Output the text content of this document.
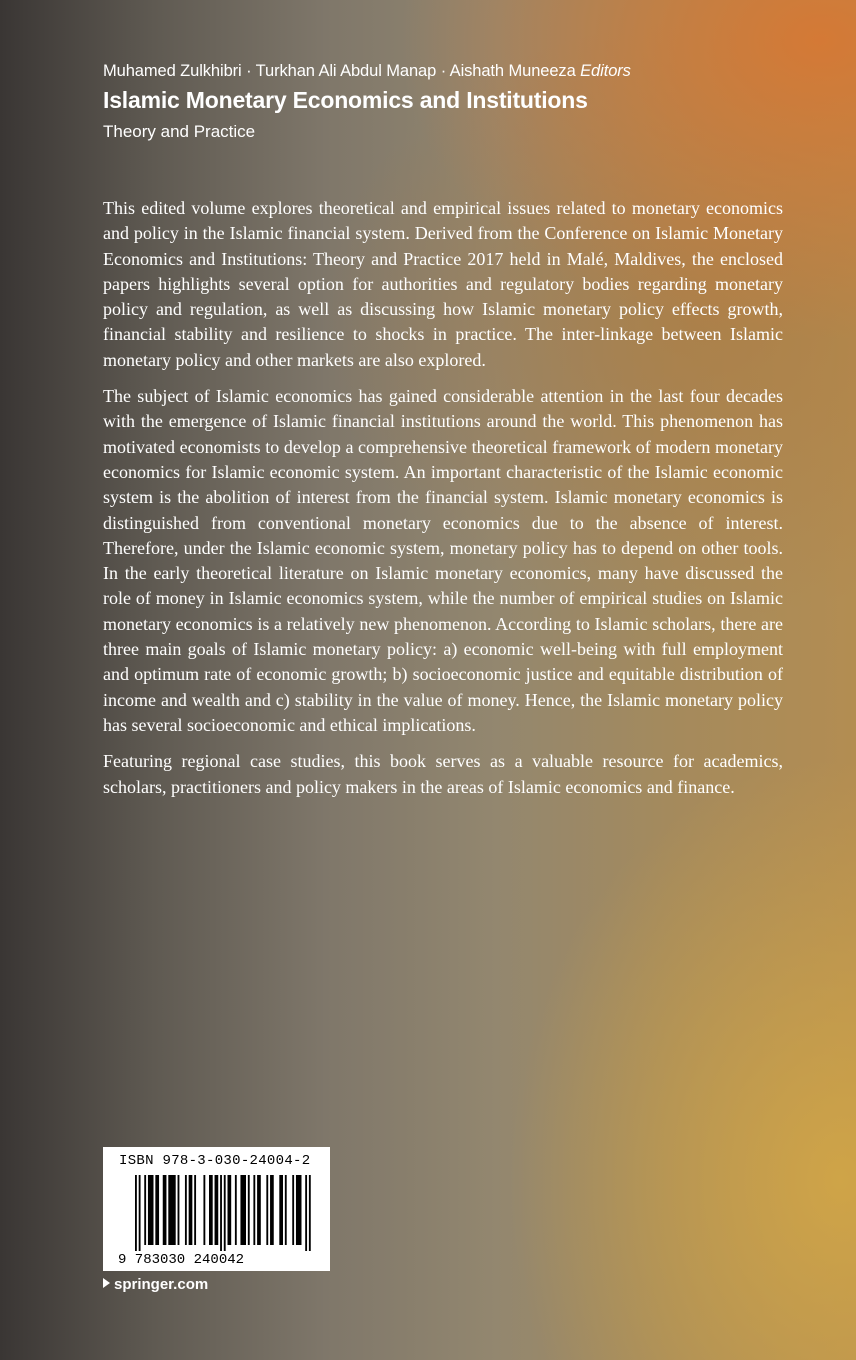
Muhamed Zulkhibri · Turkhan Ali Abdul Manap · Aishath Muneeza Editors
Islamic Monetary Economics and Institutions
Theory and Practice

This edited volume explores theoretical and empirical issues related to monetary economics and policy in the Islamic financial system. Derived from the Conference on Islamic Monetary Economics and Institutions: Theory and Practice 2017 held in Malé, Maldives, the enclosed papers highlights several option for authorities and regulatory bodies regarding monetary policy and regulation, as well as discussing how Islamic monetary policy effects growth, financial stability and resilience to shocks in practice. The inter-linkage between Islamic monetary policy and other markets are also explored.

The subject of Islamic economics has gained considerable attention in the last four decades with the emergence of Islamic financial institutions around the world. This phenomenon has motivated economists to develop a comprehensive theoretical framework of modern monetary economics for Islamic economic system. An important characteristic of the Islamic economic system is the abolition of interest from the financial system. Islamic monetary economics is distinguished from conventional monetary economics due to the absence of interest. Therefore, under the Islamic economic system, monetary policy has to depend on other tools. In the early theoretical literature on Islamic monetary economics, many have discussed the role of money in Islamic economics system, while the number of empirical studies on Islamic monetary economics is a relatively new phenomenon. According to Islamic scholars, there are three main goals of Islamic monetary policy: a) economic well-being with full employment and optimum rate of economic growth; b) socioeconomic justice and equitable distribution of income and wealth and c) stability in the value of money. Hence, the Islamic monetary policy has several socioeconomic and ethical implications.

Featuring regional case studies, this book serves as a valuable resource for academics, scholars, practitioners and policy makers in the areas of Islamic economics and finance.

ISBN 978-3-030-24004-2
9 783030 240042
springer.com
